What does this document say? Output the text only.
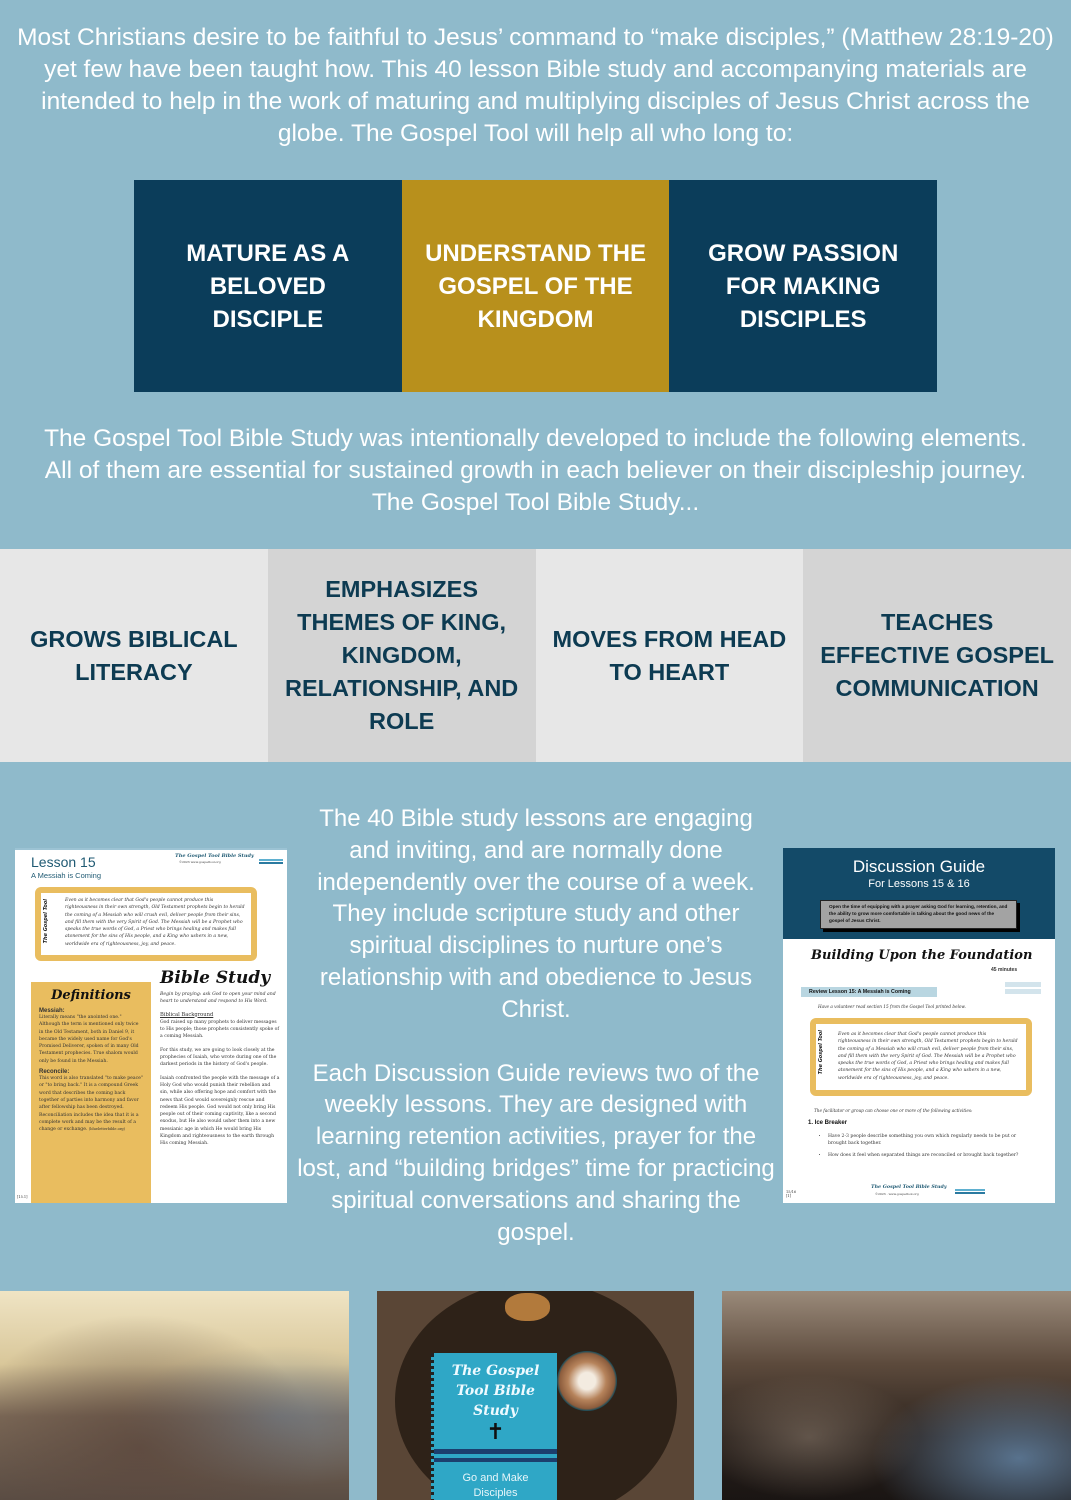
Most Christians desire to be faithful to Jesus’ command to “make disciples,” (Matthew 28:19-20) yet few have been taught how. This 40 lesson Bible study and accompanying materials are intended to help in the work of maturing and multiplying disciples of Jesus Christ across the globe. The Gospel Tool will help all who long to:
MATURE AS A BELOVED DISCIPLE
UNDERSTAND THE GOSPEL OF THE KINGDOM
GROW PASSION FOR MAKING DISCIPLES
The Gospel Tool Bible Study was intentionally developed to include the following elements. All of them are essential for sustained growth in each believer on their discipleship journey. The Gospel Tool Bible Study...
GROWS BIBLICAL LITERACY
EMPHASIZES THEMES OF KING, KINGDOM, RELATIONSHIP, AND ROLE
MOVES FROM HEAD TO HEART
TEACHES EFFECTIVE GOSPEL COMMUNICATION

The 40 Bible study lessons are engaging and inviting, and are normally done independently over the course of a week. They include scripture study and other spiritual disciplines to nurture one’s relationship with and obedience to Jesus Christ.

Each Discussion Guide reviews two of the weekly lessons. They are designed with learning retention activities, prayer for the lost, and “building bridges” time for practicing spiritual conversations and sharing the gospel.

Lesson 15
A Messiah is Coming
The Gospel Tool Bible Study
©2023 www.gospeltool.org
The Gospel Tool	Even as it becomes clear that God's people cannot produce this righteousness in their own strength, Old Testament prophets begin to herald the coming of a Messiah who will crush evil, deliver people from their sins, and fill them with the very Spirit of God. The Messiah will be a Prophet who speaks the true words of God, a Priest who brings healing and makes full atonement for the sins of His people, and a King who ushers in a new, worldwide era of righteousness, joy, and peace.
Definitions
Messiah:
Literally means "the anointed one." Although the term is mentioned only twice in the Old Testament, both in Daniel 9, it became the widely used name for God's Promised Deliverer, spoken of in many Old Testament prophecies. True shalom would only be found in the Messiah.
Reconcile:
This word is also translated "to make peace" or "to bring back." It is a compound Greek word that describes the coming back together of parties into harmony and favor after fellowship has been destroyed. Reconciliation includes the idea that it is a complete work and may be the result of a change or exchange. (blueletterbible.org)
Bible Study
Begin by praying: ask God to open your mind and heart to understand and respond to His Word.
Biblical Background
God raised up many prophets to deliver messages to His people; those prophets consistently spoke of a coming Messiah.
For this study, we are going to look closely at the prophecies of Isaiah, who wrote during one of the darkest periods in the history of God's people.
Isaiah confronted the people with the message of a Holy God who would punish their rebellion and sin, while also offering hope and comfort with the news that God would sovereignly rescue and redeem His people. God would not only bring His people out of their coming captivity, like a second exodus, but He also would usher them into a new messianic age in which He would bring His Kingdom and righteousness to the earth through His coming Messiah.
[15.1]
Discussion Guide
For Lessons 15 & 16
Open the time of equipping with a prayer asking God for learning, retention, and the ability to grow more comfortable in talking about the good news of the gospel of Jesus Christ.
Building Upon the Foundation
45 minutes
Review Lesson 15: A Messiah is Coming
Have a volunteer read section 15 from the Gospel Tool printed below.
The Gospel Tool	Even as it becomes clear that God's people cannot produce this righteousness in their own strength, Old Testament prophets begin to herald the coming of a Messiah who will crush evil, deliver people from their sins, and fill them with the very Spirit of God. The Messiah will be a Prophet who speaks the true words of God, a Priest who brings healing and makes full atonement for the sins of His people, and a King who ushers in a new, worldwide era of righteousness, joy, and peace.
The facilitator or group can choose one or more of the following activities:
1. Ice Breaker
• Have 2-3 people describe something you own which regularly needs to be put or brought back together.
• How does it feel when separated things are reconciled or brought back together?
The Gospel Tool Bible Study
©2023 · www.gospeltool.org
15/16 [1]
The Gospel Tool Bible Study
✝
Go and Make Disciples
